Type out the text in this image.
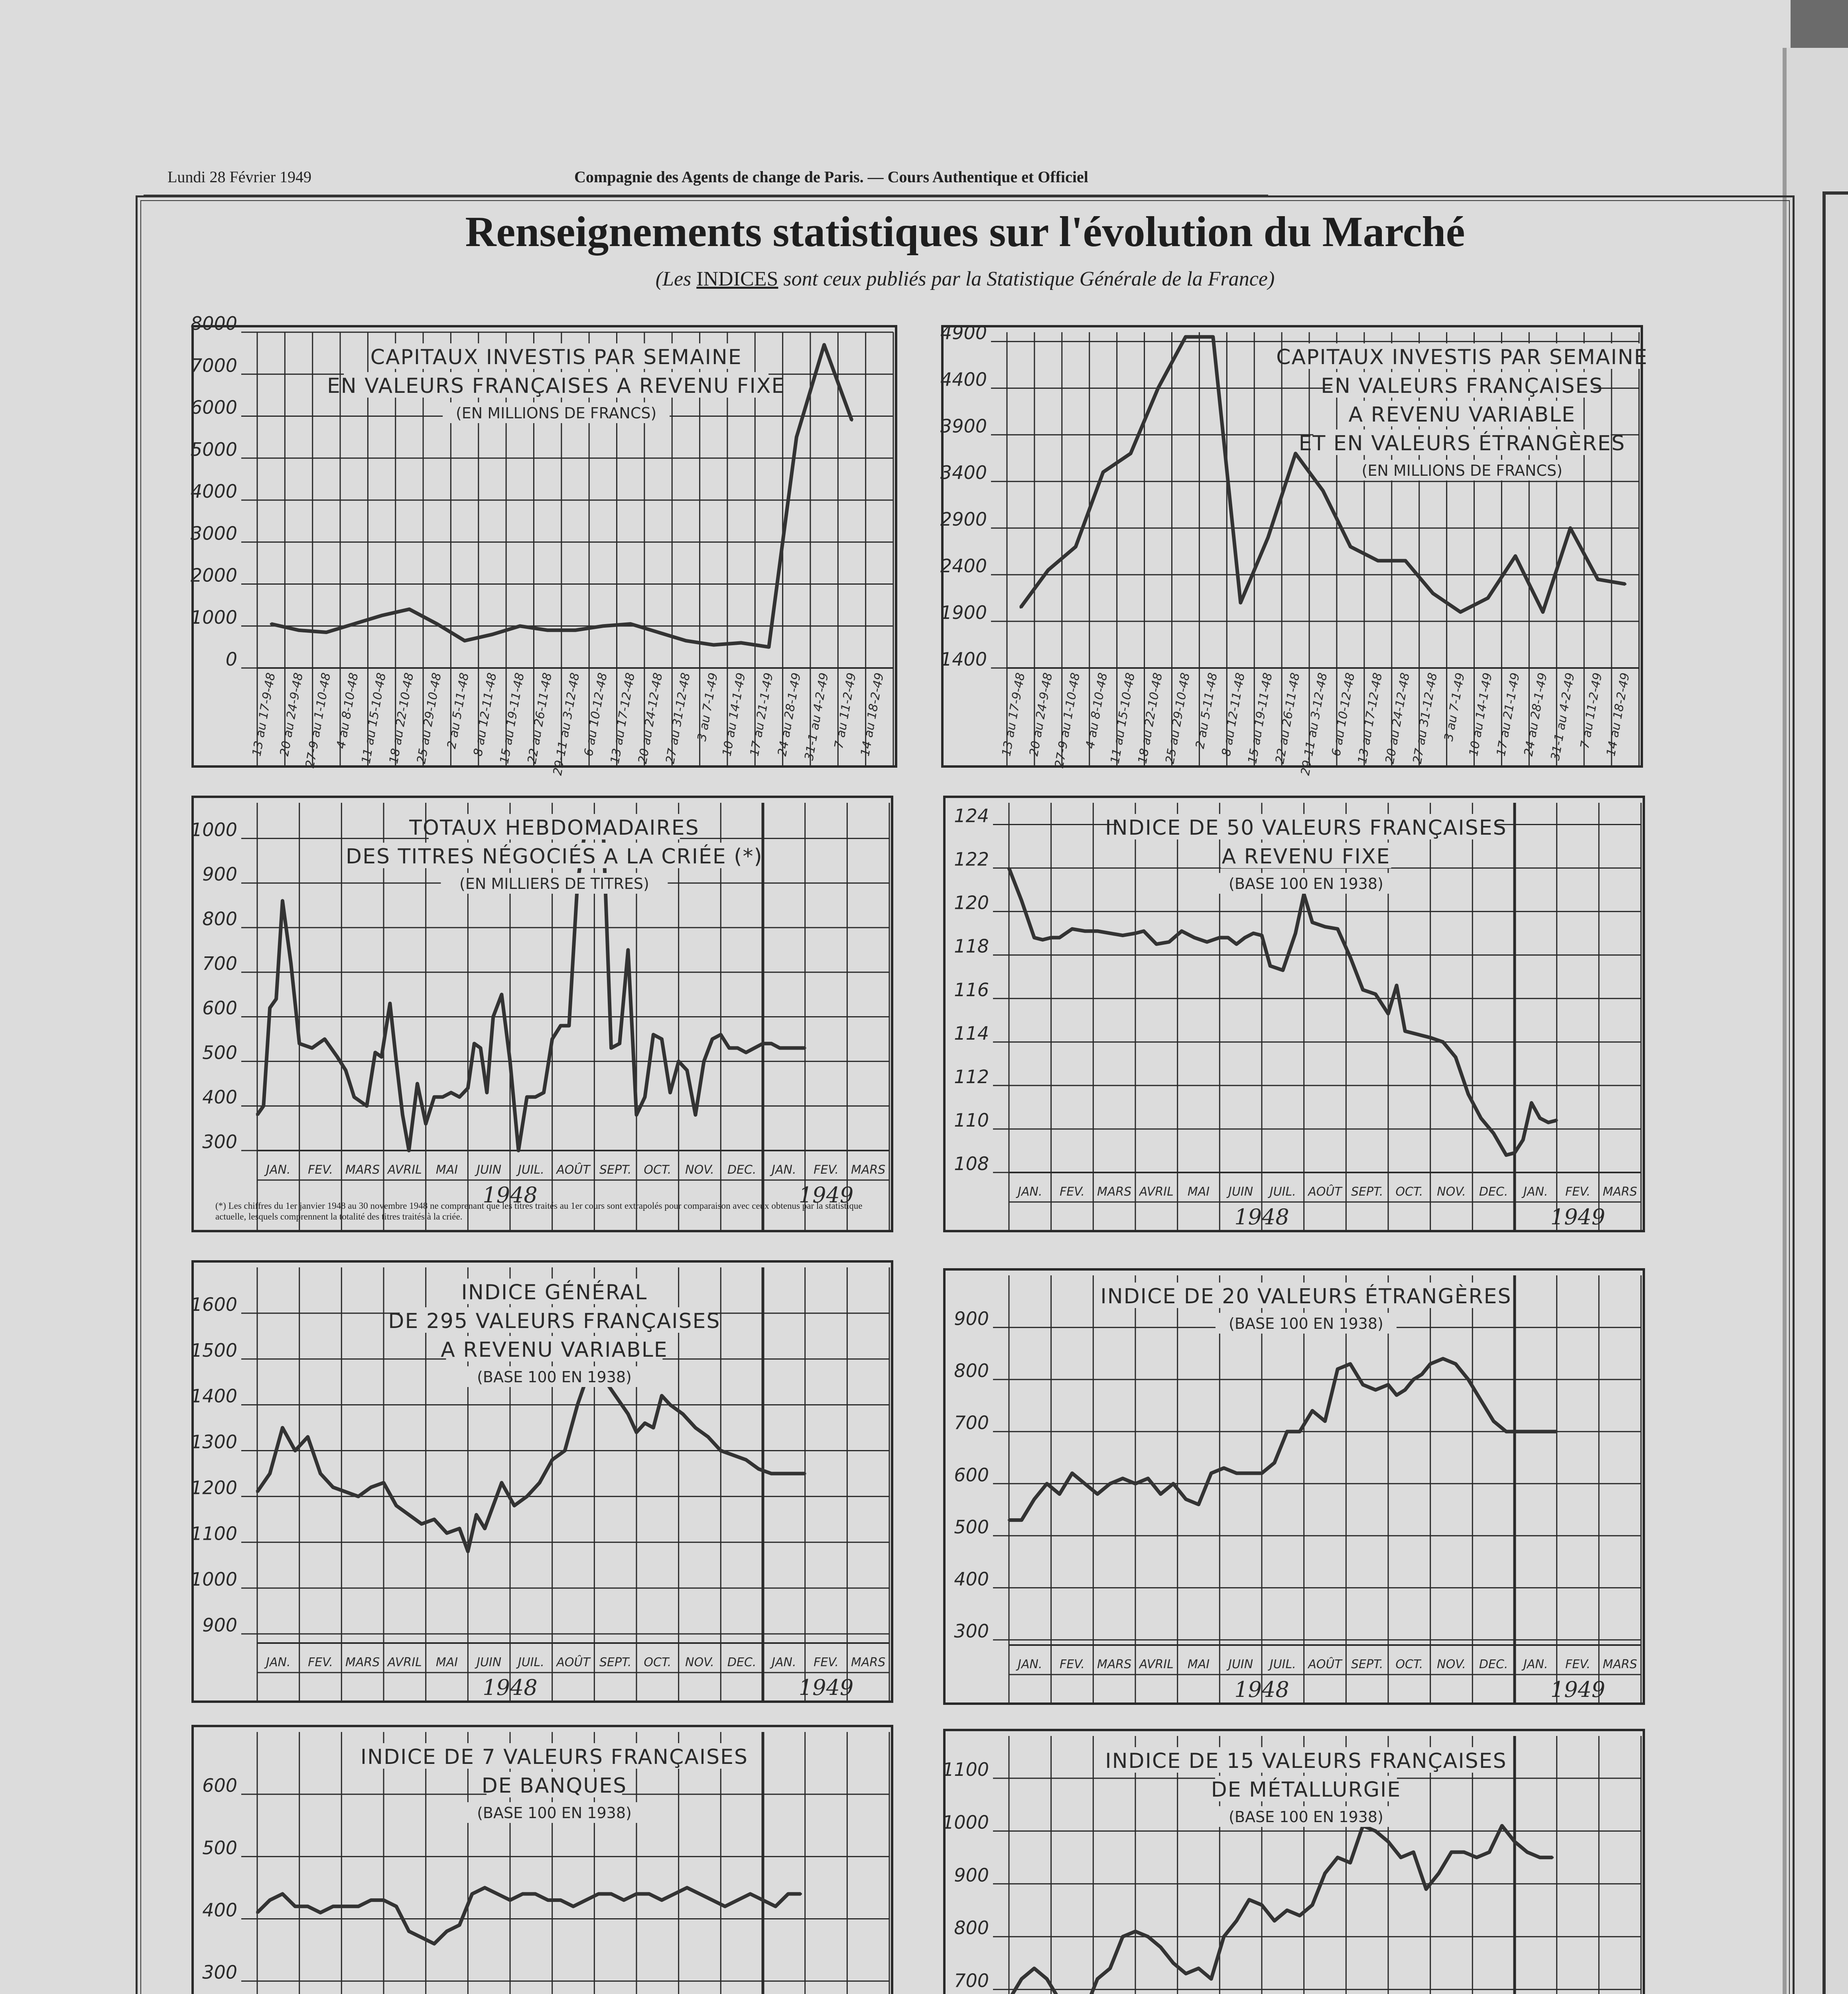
Lundi 28 Février 1949	Compagnie des Agents de change de Paris. — Cours Authentique et Officiel
Renseignements statistiques sur l'évolution du Marché
(Les INDICES sont ceux publiés par la Statistique Générale de la France)
0
1000
2000
3000
4000
5000
6000
7000
8000
13 au 17-9-48
20 au 24-9-48
27-9 au 1-10-48 4 au 8-10-48
11 au 15-10-48
18 au 22-10-48
25 au 29-10-48 2 au 5-11-48
8 au 12-11-48
15 au 19-11-48
22 au 26-11-48
29-11 au 3-12-48
6 au 10-12-48
13 au 17-12-48
20 au 24-12-48
27 au 31-12-48 3 au 7-1-49
10 au 14-1-49
17 au 21-1-49
24 au 28-1-49
31-1 au 4-2-49 7 au 11-2-49
14 au 18-2-49
CAPITAUX INVESTIS PAR SEMAINE
EN VALEURS FRANÇAISES A REVENU FIXE
(EN MILLIONS DE FRANCS)
1400
1900
2400
2900
3400
3900
4400
4900
13 au 17-9-48
20 au 24-9-48
27-9 au 1-10-48 4 au 8-10-48
11 au 15-10-48
18 au 22-10-48
25 au 29-10-48 2 au 5-11-48
8 au 12-11-48
15 au 19-11-48
22 au 26-11-48
29-11 au 3-12-48
6 au 10-12-48
13 au 17-12-48
20 au 24-12-48
27 au 31-12-48 3 au 7-1-49
10 au 14-1-49
17 au 21-1-49
24 au 28-1-49
31-1 au 4-2-49 7 au 11-2-49
14 au 18-2-49
CAPITAUX INVESTIS PAR SEMAINE
EN VALEURS FRANÇAISES
A REVENU VARIABLE
ET EN VALEURS ÉTRANGÈRES
(EN MILLIONS DE FRANCS)
300
400
500
600
700
800
900
1000
JAN. FEV. MARS AVRIL MAI JUIN JUIL. AOÛT SEPT. OCT. NOV. DEC. JAN. FEV. MARS
1948	1949
TOTAUX HEBDOMADAIRES
DES TITRES NÉGOCIÉS A LA CRIÉE (*)
(EN MILLIERS DE TITRES)
108
110
112
114
116
118
120
122
124
JAN. FEV. MARS AVRIL MAI JUIN JUIL. AOÛT SEPT. OCT. NOV. DEC. JAN. FEV. MARS
1948	1949
INDICE DE 50 VALEURS FRANÇAISES
A REVENU FIXE
(BASE 100 EN 1938)
900
1000
1100
1200
1300
1400
1500
1600
JAN. FEV. MARS AVRIL MAI JUIN JUIL. AOÛT SEPT. OCT. NOV. DEC. JAN. FEV. MARS
1948	1949
INDICE GÉNÉRAL
DE 295 VALEURS FRANÇAISES
A REVENU VARIABLE
(BASE 100 EN 1938)
300
400
500
600
700
800
900
JAN. FEV. MARS AVRIL MAI JUIN JUIL. AOÛT SEPT. OCT. NOV. DEC. JAN. FEV. MARS
1948	1949
INDICE DE 20 VALEURS ÉTRANGÈRES
(BASE 100 EN 1938)
300
400
500
600
INDICE DE 7 VALEURS FRANÇAISES
DE BANQUES
(BASE 100 EN 1938)
700
800
900
1000
1100	INDICE DE 15 VALEURS FRANÇAISES
DE MÉTALLURGIE
(BASE 100 EN 1938)
(*) Les chiffres du 1er janvier 1948 au 30 novembre 1948 ne comprenant que les titres traités au 1er cours sont extrapolés pour comparaison avec ceux obtenus par la statistique actuelle, lesquels comprennent la totalité des titres traités à la criée.
